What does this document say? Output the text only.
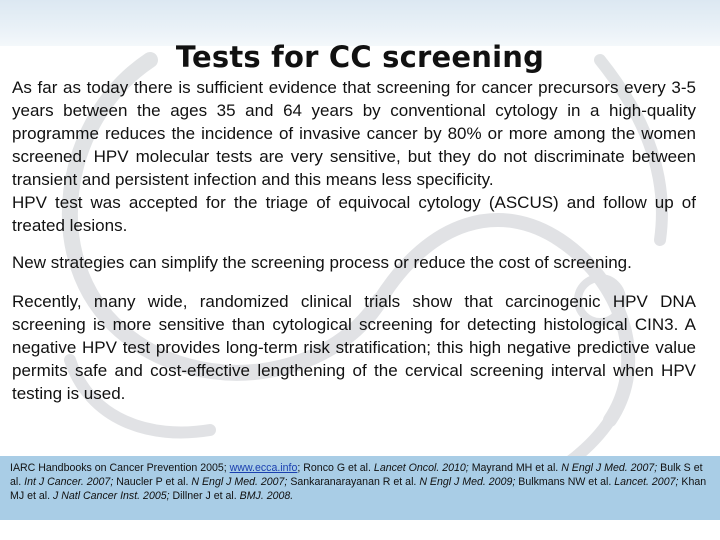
Tests for CC screening

As far as today there is sufficient evidence that screening for cancer precursors every 3-5 years between the ages 35 and 64 years by conventional cytology in a high-quality programme reduces the incidence of invasive cancer by 80% or more among the women screened. HPV molecular tests are very sensitive, but they do not discriminate between transient and persistent infection and this means less specificity.

HPV test was accepted for the triage of equivocal cytology (ASCUS) and follow up of treated lesions.

New strategies can simplify the screening process or reduce the cost of screening.

Recently, many wide, randomized clinical trials show that carcinogenic HPV DNA screening is more sensitive than cytological screening for detecting histological CIN3. A negative HPV test provides long-term risk stratification; this high negative predictive value permits safe and cost-effective lengthening of the cervical screening interval when HPV testing is used.

IARC Handbooks on Cancer Prevention 2005; www.ecca.info; Ronco G et al. Lancet Oncol. 2010; Mayrand MH et al. N Engl J Med. 2007; Bulk S et al. Int J Cancer. 2007; Naucler P et al. N Engl J Med. 2007; Sankaranarayanan R et al. N Engl J Med. 2009; Bulkmans NW et al. Lancet. 2007; Khan MJ et al. J Natl Cancer Inst. 2005; Dillner J et al. BMJ. 2008.
